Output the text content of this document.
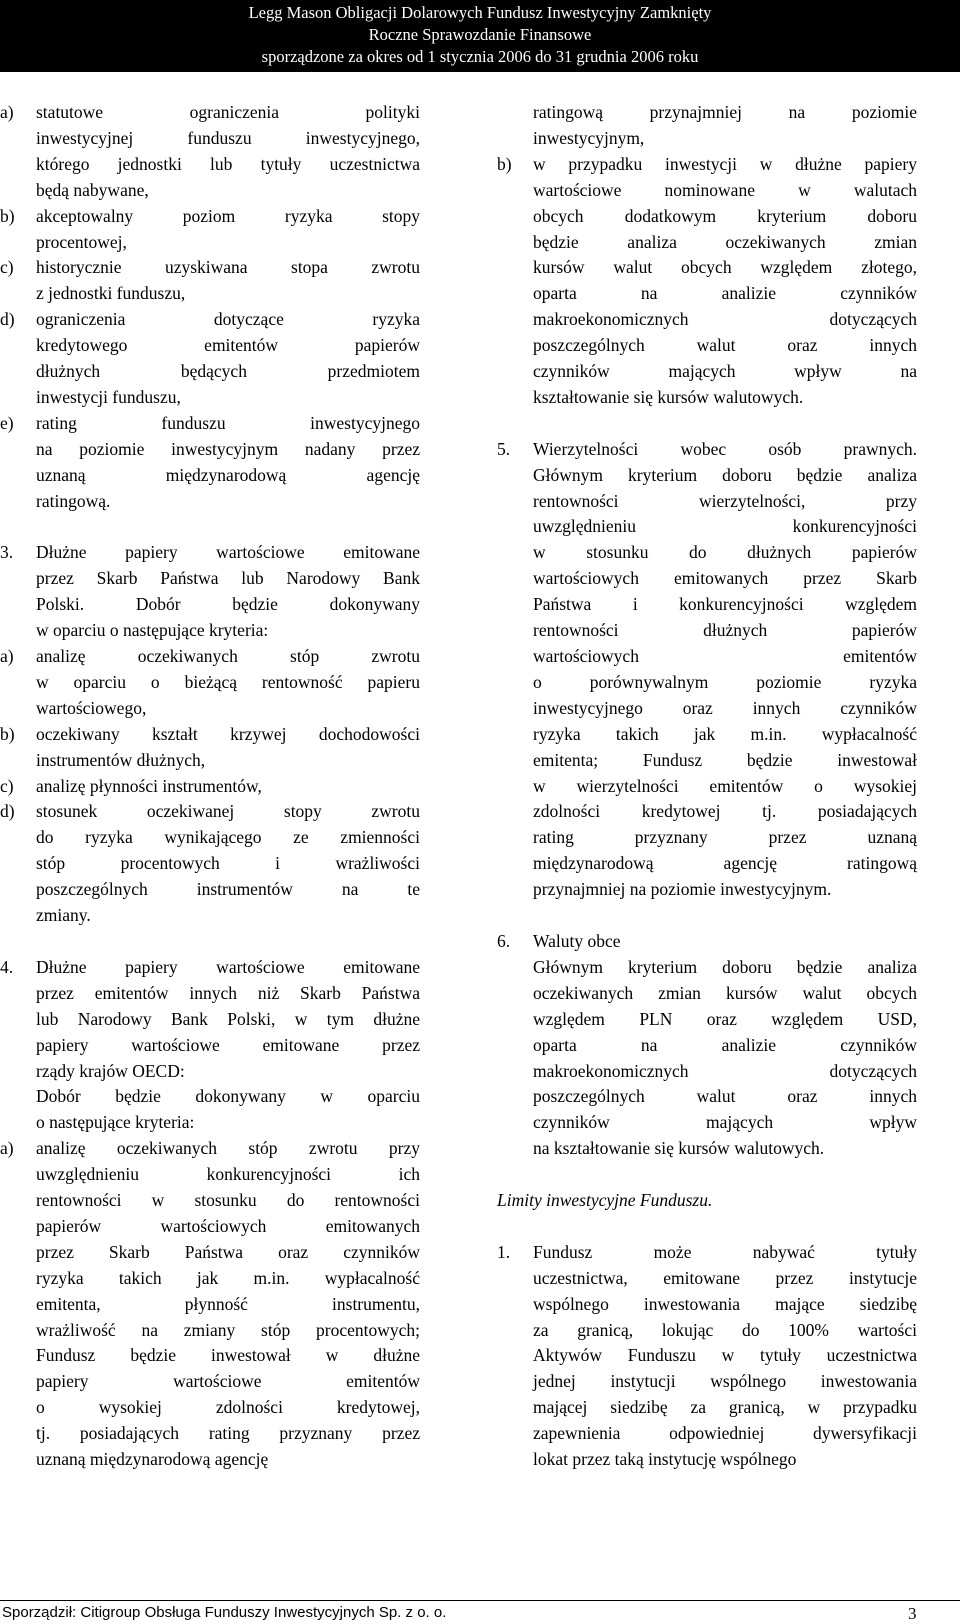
Legg Mason Obligacji Dolarowych Fundusz Inwestycyjny Zamknięty
Roczne Sprawozdanie Finansowe
sporządzone za okres od 1 stycznia 2006 do 31 grudnia 2006 roku
a)	statutowe ograniczenia polityki
inwestycyjnej funduszu inwestycyjnego,
którego jednostki lub tytuły uczestnictwa
będą nabywane,
b)	akceptowalny poziom ryzyka stopy
procentowej,
c)	historycznie uzyskiwana stopa zwrotu
z jednostki funduszu,
d)	ograniczenia dotyczące ryzyka
kredytowego emitentów papierów
dłużnych będących przedmiotem
inwestycji funduszu,
e)	rating funduszu inwestycyjnego
na poziomie inwestycyjnym nadany przez
uznaną międzynarodową agencję
ratingową.
3.	Dłużne papiery wartościowe emitowane
przez Skarb Państwa lub Narodowy Bank
Polski. Dobór będzie dokonywany
w oparciu o następujące kryteria:
a)	analizę oczekiwanych stóp zwrotu
w oparciu o bieżącą rentowność papieru
wartościowego,
b)	oczekiwany kształt krzywej dochodowości
instrumentów dłużnych,
c)	analizę płynności instrumentów,
d)	stosunek oczekiwanej stopy zwrotu
do ryzyka wynikającego ze zmienności
stóp procentowych i wrażliwości
poszczególnych instrumentów na te
zmiany.
4.	Dłużne papiery wartościowe emitowane
przez emitentów innych niż Skarb Państwa
lub Narodowy Bank Polski, w tym dłużne
papiery wartościowe emitowane przez
rządy krajów OECD:
Dobór będzie dokonywany w oparciu
o następujące kryteria:
a)	analizę oczekiwanych stóp zwrotu przy
uwzględnieniu konkurencyjności ich
rentowności w stosunku do rentowności
papierów wartościowych emitowanych
przez Skarb Państwa oraz czynników
ryzyka takich jak m.in. wypłacalność
emitenta, płynność instrumentu,
wrażliwość na zmiany stóp procentowych;
Fundusz będzie inwestował w dłużne
papiery wartościowe emitentów
o wysokiej zdolności kredytowej,
tj. posiadających rating przyznany przez
uznaną międzynarodową agencję
ratingową przynajmniej na poziomie
inwestycyjnym,
b)	w przypadku inwestycji w dłużne papiery
wartościowe nominowane w walutach
obcych dodatkowym kryterium doboru
będzie analiza oczekiwanych zmian
kursów walut obcych względem złotego,
oparta na analizie czynników
makroekonomicznych dotyczących
poszczególnych walut oraz innych
czynników mających wpływ na
kształtowanie się kursów walutowych.
5.	Wierzytelności wobec osób prawnych.
Głównym kryterium doboru będzie analiza
rentowności wierzytelności, przy
uwzględnieniu konkurencyjności
w stosunku do dłużnych papierów
wartościowych emitowanych przez Skarb
Państwa i konkurencyjności względem
rentowności dłużnych papierów
wartościowych emitentów
o porównywalnym poziomie ryzyka
inwestycyjnego oraz innych czynników
ryzyka takich jak m.in. wypłacalność
emitenta; Fundusz będzie inwestował
w wierzytelności emitentów o wysokiej
zdolności kredytowej tj. posiadających
rating przyznany przez uznaną
międzynarodową agencję ratingową
przynajmniej na poziomie inwestycyjnym.
6.	Waluty obce
Głównym kryterium doboru będzie analiza
oczekiwanych zmian kursów walut obcych
względem PLN oraz względem USD,
oparta na analizie czynników
makroekonomicznych dotyczących
poszczególnych walut oraz innych
czynników mających wpływ
na kształtowanie się kursów walutowych.
Limity inwestycyjne Funduszu.
1.	Fundusz może nabywać tytuły
uczestnictwa, emitowane przez instytucje
wspólnego inwestowania mające siedzibę
za granicą, lokując do 100% wartości
Aktywów Funduszu w tytuły uczestnictwa
jednej instytucji wspólnego inwestowania
mającej siedzibę za granicą, w przypadku
zapewnienia odpowiedniej dywersyfikacji
lokat przez taką instytucję wspólnego
Sporządził: Citigroup Obsługa Funduszy Inwestycyjnych Sp. z o. o.	3
